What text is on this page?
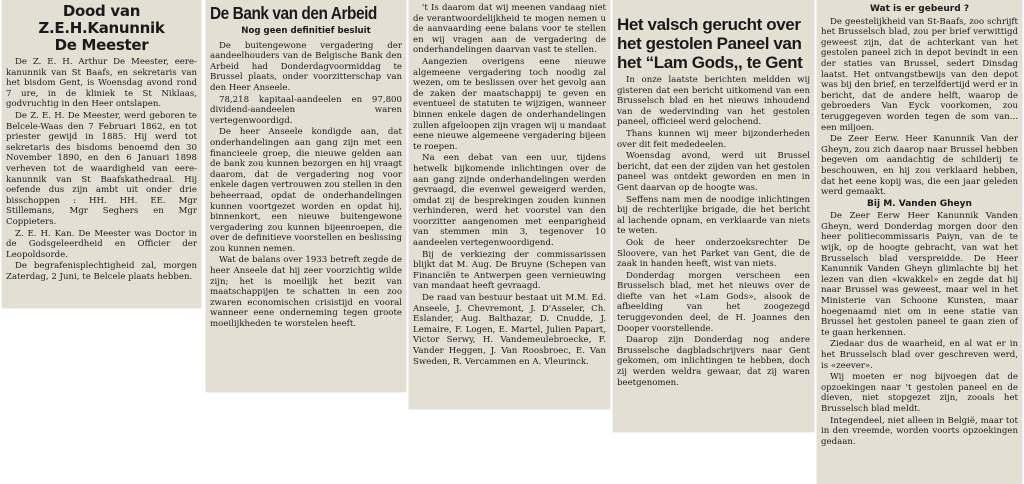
Dood van Z.E.H.Kanunnik
De Meester

De Z. E. H. Arthur De Meester, eere-kanunnik van St Baafs, en sekretaris van het bisdom Gent, is Woensdag avond rond 7 ure, in de kliniek te St Niklaas, godvruchtig in den Heer ontslapen.

De Z. E. H. De Meester, werd geboren te Belcele-Waas den 7 Februari 1862, en tot priester gewijd in 1885. Hij werd tot sekretaris des bisdoms benoemd den 30 November 1890, en den 6 Januari 1898 verheven tot de waardigheid van eere-kanunnik van St Baafskathedraal. Hij oefende dus zijn ambt uit onder drie bisschoppen : HH. HH. EE. Mgr Stillemans, Mgr Seghers en Mgr Coppieters.

Z. E. H. Kan. De Meester was Doctor in de Godsgeleerdheid en Officier der Leopoldsorde.

De begrafenisplechtigheid zal, morgen Zaterdag, 2 Juni, te Belcele plaats hebben.

De Bank van den Arbeid
Nog geen definitief besluit

De buitengewone vergadering der aandeelhouders van de Belgische Bank den Arbeid had Donderdagvoormiddag te Brussel plaats, onder voorzitterschap van den Heer Anseele.

78,218 kapitaal-aandeelen en 97,800 dividend-aandeelen waren vertegenwoordigd.

De heer Anseele kondigde aan, dat onderhandelingen aan gang zijn met een financieele groep, die nieuwe gelden aan de bank zou kunnen bezorgen en hij vraagt daarom, dat de vergadering nog voor enkele dagen vertrouwen zou stellen in den beheerraad, opdat de onderhandelingen kunnen voortgezet worden en opdat hij, binnenkort, een nieuwe buitengewone vergadering zou kunnen bijeenroepen, die over de definitieve voorstellen en beslissing zou kunnen nemen.

Wat de balans over 1933 betreft zegde de heer Anseele dat hij zeer voorzichtig wilde zijn; het is moeilijk het bezit van maatschappijen te schatten in een zoo zwaren economischen crisistijd en vooral wanneer eene onderneming tegen groote moeilijkheden te worstelen heeft.

't Is daarom dat wij meenen vandaag niet de verantwoordelijkheid te mogen nemen u de aanvaarding eene balans voor te stellen en wij vragen aan de vergadering de onderhandelingen daarvan vast te stellen.

Aangezien overigens eene nieuwe algemeene vergadering toch noodig zal wezen, om te beslissen over het gevolg aan de zaken der maatschappij te geven en eventueel de statuten te wijzigen, wanneer binnen enkele dagen de onderhandelingen zullen afgeloopen zijn vragen wij u mandaat eene nieuwe algemeene vergadering bijeen te roepen.

Na een debat van een uur, tijdens hetwelk bijkomende inlichtingen over de aan gang zijnde onderhandelingen werden gevraagd, die evenwel geweigerd werden, omdat zij de besprekingen zouden kunnen verhinderen, werd het voorstel van den voorzitter aangenomen met eenparigheid van stemmen min 3, tegenover 10 aandeelen vertegenwoordigend.

Bij de verkiezing der commissarissen blijkt dat M. Aug. De Bruyne (Schepen van Financiën te Antwerpen geen vernieuwing van mandaat heeft gevraagd.

De raad van bestuur bestaat uit M.M. Ed. Anseele, J. Chevremont, J. D'Asseler, Ch. Eslander, Aug. Balthazar, D. Cnudde, J. Lemaire, F. Logen, E. Martel, Julien Papart, Victor Serwy, H. Vandemeulebroecke, F. Vander Heggen, J. Van Roosbroec, E. Van Sweden, R. Vercammen en A. Vleurinck.

Het valsch gerucht over
het gestolen Paneel van
het “Lam Gods,, te Gent

In onze laatste berichten meldden wij gisteren dat een bericht uitkomend van een Brusselsch blad en het nieuws inhoudend van de wedervinding van het gestolen paneel, officieel werd gelochend.

Thans kunnen wij meer bijzonderheden over dit feit mededeelen.

Woensdag avond, werd uit Brussel bericht, dat een der zijden van het gestolen paneel was ontdekt geworden en men in Gent daarvan op de hoogte was.

Seffens nam men de noodige inlichtingen bij de rechterlijke brigade, die het bericht al lachende opnam, en verklaarde van niets te weten.

Ook de heer onderzoeksrechter De Sloovere, van het Parket van Gent, die de zaak in handen heeft, wist van niets.

Donderdag morgen verscheen een Brusselsch blad, met het nieuws over de diefte van het «Lam Gods», alsook de afbeelding van het zoogezegd teruggevonden deel, de H. Joannes den Dooper voorstellende.

Daarop zijn Donderdag nog andere Brusselsche dagbladschrijvers naar Gent gekomen, om inlichtingen te hebben, doch zij werden weldra gewaar, dat zij waren beetgenomen.

Wat is er gebeurd ?

De geestelijkheid van St-Baafs, zoo schrijft het Brusselsch blad, zou per brief verwittigd geweest zijn, dat de achterkant van het gestolen paneel zich in depot bevindt in een der staties van Brussel, sedert Dinsdag laatst. Het ontvangstbewijs van den depot was bij den brief, en terzelfdertijd werd er in bericht, dat de andere helft, waarop de gebroeders Van Eyck voorkomen, zou teruggegeven worden tegen de som van... een miljoen.

De Zeer Eerw. Heer Kanunnik Van der Gheyn, zou zich daarop naar Brussel hebben begeven om aandachtig de schilderij te beschouwen, en hij zou verklaard hebben, dat het eene kopij was, die een jaar geleden werd gemaakt.

Bij M. Vanden Gheyn

De Zeer Eerw Heer Kanunnik Vanden Gheyn, werd Donderdag morgen door den heer politiecommissaris Paiyn, van de te wijk, op de hoogte gebracht, van wat het Brusselsch blad verspreidde. De Heer Kanunnik Vanden Gheyn glimlachte bij het lezen van dien «kwakkel» en zegde dat hij naar Brussel was geweest, maar wel in het Ministerie van Schoone Kunsten, maar hoegenaamd niet om in eene statie van Brussel het gestolen paneel te gaan zien of te gaan herkennen.

Ziedaar dus de waarheid, en al wat er in het Brusselsch blad over geschreven werd, is «zeever».

Wij moeten er nog bijvoegen dat de opzoekingen naar 't gestolen paneel en de dieven, niet stopgezet zijn, zooals het Brusselsch blad meldt.

Integendeel, niet alleen in België, maar tot in den vreemde, worden voorts opzoekingen gedaan.
